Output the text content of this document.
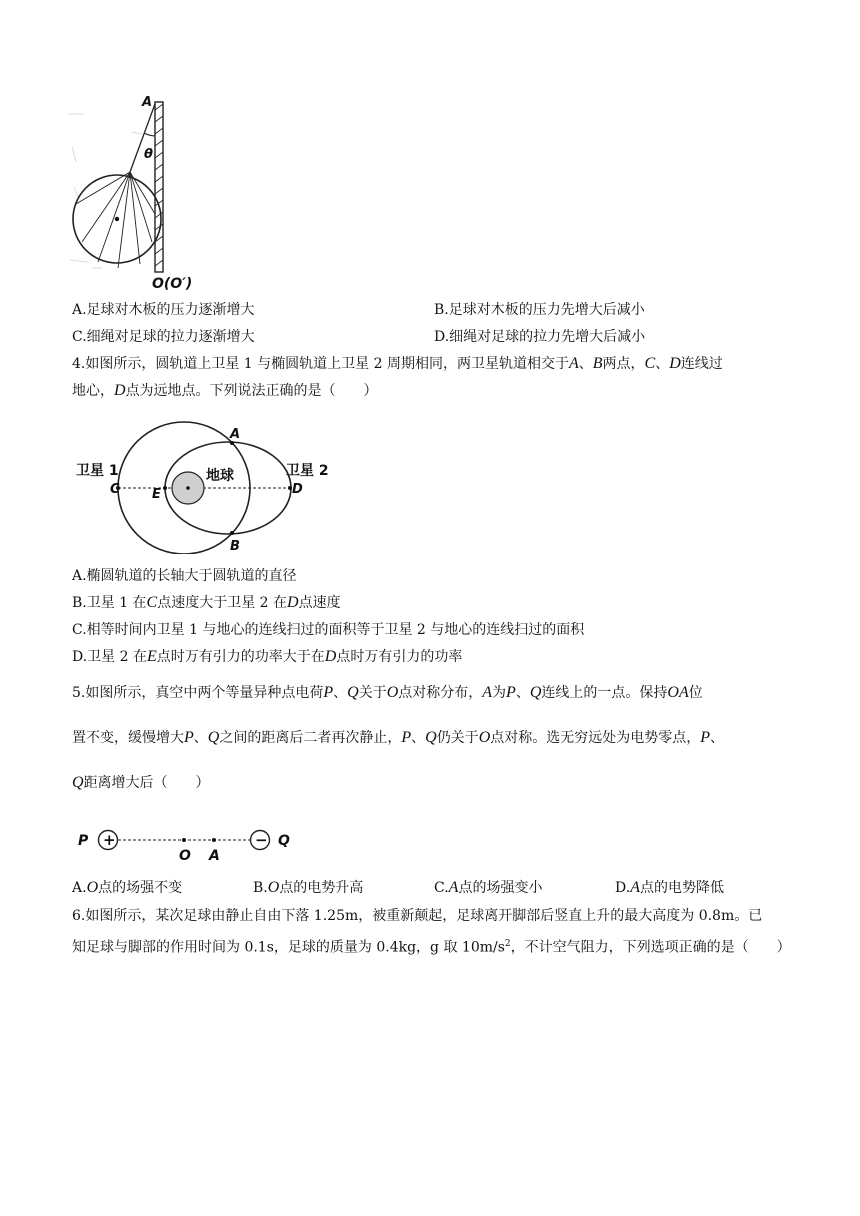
A
θ
O(O′)
A.足球对木板的压力逐渐增大	B.足球对木板的压力先增大后减小
C.细绳对足球的拉力逐渐增大	D.细绳对足球的拉力先增大后减小
4.如图所示，圆轨道上卫星 1 与椭圆轨道上卫星 2 周期相同，两卫星轨道相交于A、B两点，C、D连线过
地心，D点为远地点。下列说法正确的是（　　）
卫星 1	卫星 2
地球
A
B
C	D
E
A.椭圆轨道的长轴大于圆轨道的直径
B.卫星 1 在C点速度大于卫星 2 在D点速度
C.相等时间内卫星 1 与地心的连线扫过的面积等于卫星 2 与地心的连线扫过的面积
D.卫星 2 在E点时万有引力的功率大于在D点时万有引力的功率
5.如图所示，真空中两个等量异种点电荷P、Q关于O点对称分布，A为P、Q连线上的一点。保持OA位
置不变，缓慢增大P、Q之间的距离后二者再次静止，P、Q仍关于O点对称。选无穷远处为电势零点，P、
Q距离增大后（　　）
+	−
P	Q
O A
A.O点的场强不变	B.O点的电势升高	C.A点的场强变小	D.A点的电势降低
6.如图所示，某次足球由静止自由下落 1.25m，被重新颠起，足球离开脚部后竖直上升的最大高度为 0.8m。已
知足球与脚部的作用时间为 0.1s，足球的质量为 0.4kg，g 取 $10m/s^2$，不计空气阻力，下列选项正确的是（　　）
